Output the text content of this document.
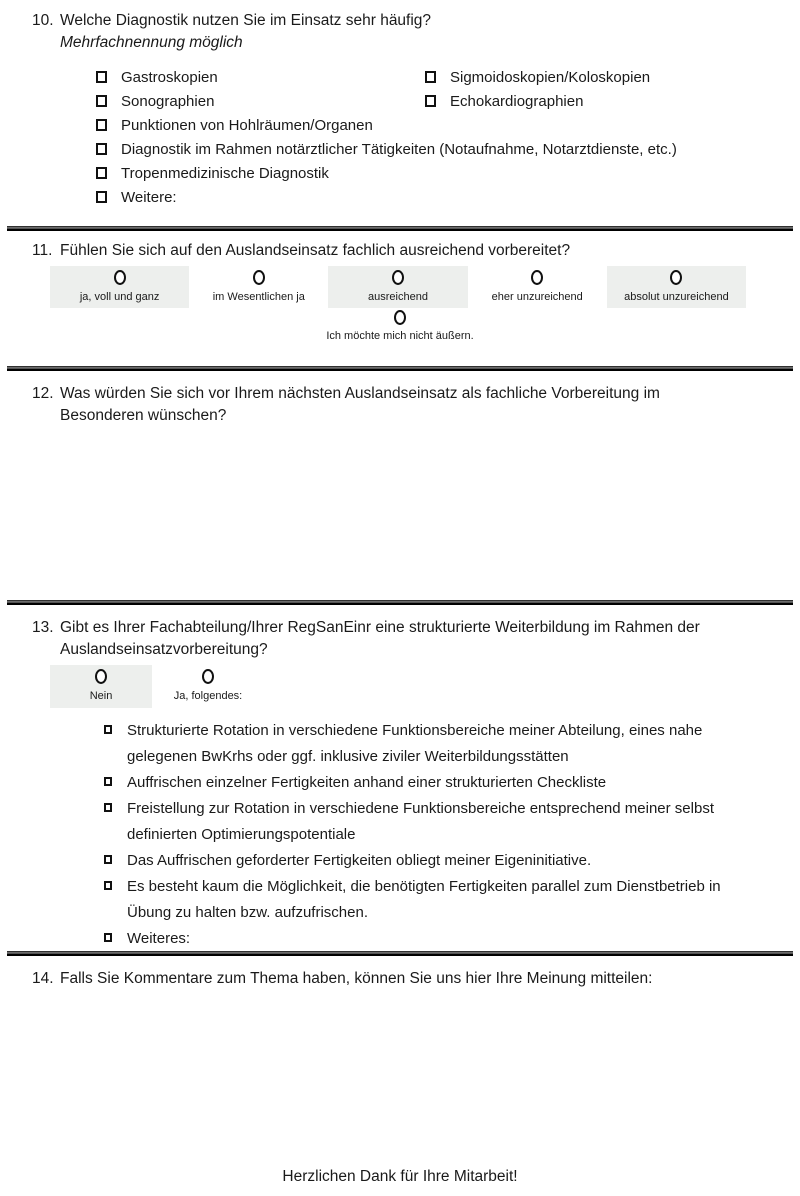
10. Welche Diagnostik nutzen Sie im Einsatz sehr häufig?
Mehrfachnennung möglich
Gastroskopien	Sigmoidoskopien/Koloskopien
Sonographien	Echokardiographien
Punktionen von Hohlräumen/Organen
Diagnostik im Rahmen notärztlicher Tätigkeiten (Notaufnahme, Notarztdienste, etc.)
Tropenmedizinische Diagnostik
Weitere:
11. Fühlen Sie sich auf den Auslandseinsatz fachlich ausreichend vorbereitet?
ja, voll und ganz	im Wesentlichen ja	ausreichend	eher unzureichend	absolut unzureichend
Ich möchte mich nicht äußern.
12. Was würden Sie sich vor Ihrem nächsten Auslandseinsatz als fachliche Vorbereitung im Besonderen wünschen?
13. Gibt es Ihrer Fachabteilung/Ihrer RegSanEinr eine strukturierte Weiterbildung im Rahmen der Auslandseinsatzvorbereitung?
Nein	Ja, folgendes:
Strukturierte Rotation in verschiedene Funktionsbereiche meiner Abteilung, eines nahe gelegenen BwKrhs oder ggf. inklusive ziviler Weiterbildungsstätten
Auffrischen einzelner Fertigkeiten anhand einer strukturierten Checkliste
Freistellung zur Rotation in verschiedene Funktionsbereiche entsprechend meiner selbst definierten Optimierungspotentiale
Das Auffrischen geforderter Fertigkeiten obliegt meiner Eigeninitiative.
Es besteht kaum die Möglichkeit, die benötigten Fertigkeiten parallel zum Dienstbetrieb in Übung zu halten bzw. aufzufrischen.
Weiteres:
14. Falls Sie Kommentare zum Thema haben, können Sie uns hier Ihre Meinung mitteilen:
Herzlichen Dank für Ihre Mitarbeit!
